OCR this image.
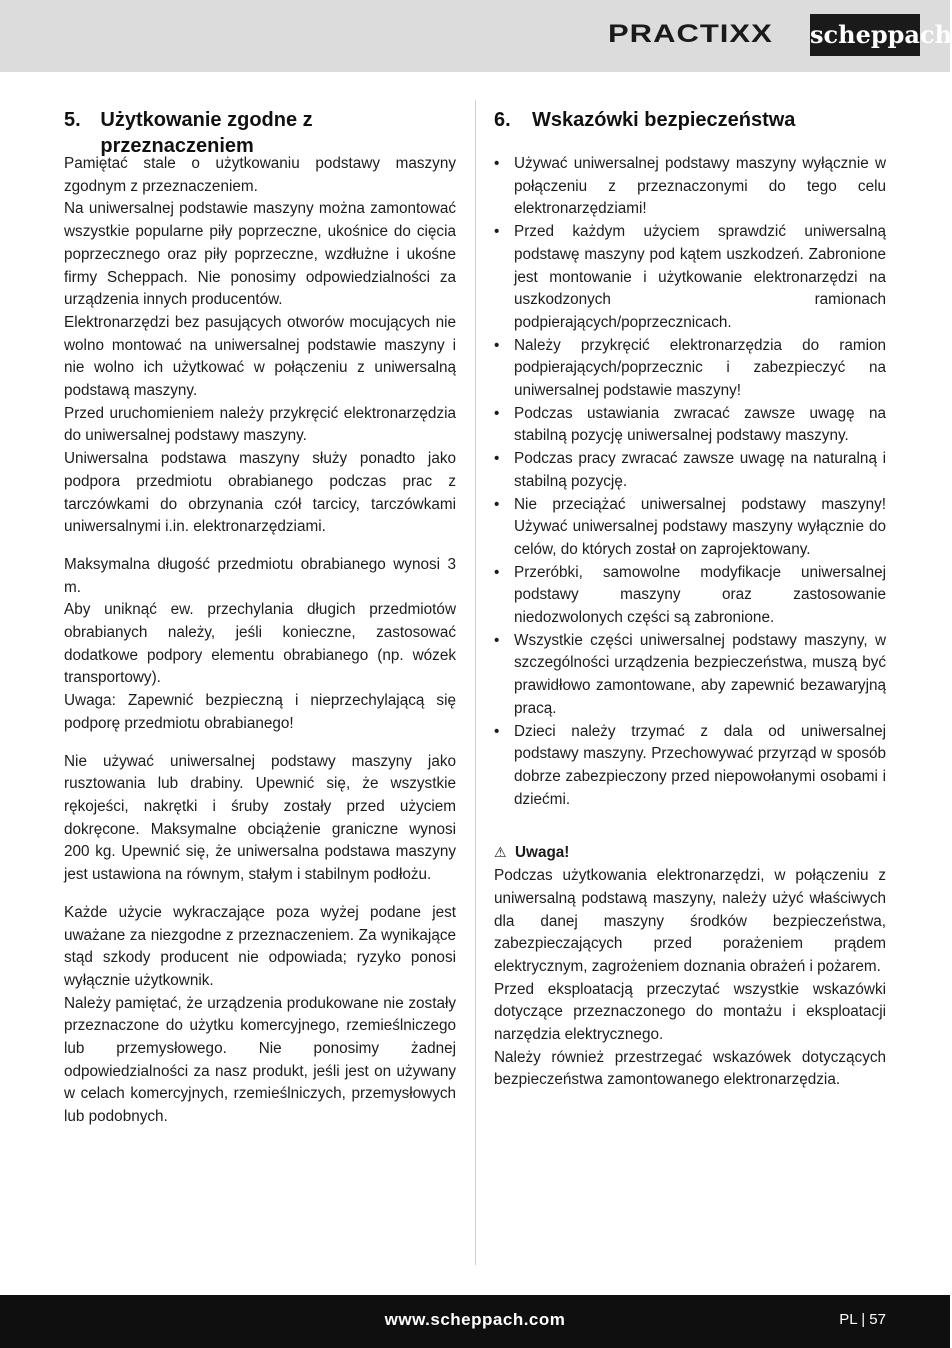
PRACTIXX	scheppach
5. Użytkowanie zgodne z przeznaczeniem

Pamiętać stale o użytkowaniu podstawy maszyny zgodnym z przeznaczeniem.

Na uniwersalnej podstawie maszyny można zamontować wszystkie popularne piły poprzeczne, ukośnice do cięcia poprzecznego oraz piły poprzeczne, wzdłużne i ukośne firmy Scheppach. Nie ponosimy odpowiedzialności za urządzenia innych producentów.

Elektronarzędzi bez pasujących otworów mocujących nie wolno montować na uniwersalnej podstawie maszyny i nie wolno ich użytkować w połączeniu z uniwersalną podstawą maszyny.

Przed uruchomieniem należy przykręcić elektronarzędzia do uniwersalnej podstawy maszyny.

Uniwersalna podstawa maszyny służy ponadto jako podpora przedmiotu obrabianego podczas prac z tarczówkami do obrzynania czół tarcicy, tarczówkami uniwersalnymi i.in. elektronarzędziami.

Maksymalna długość przedmiotu obrabianego wynosi 3 m.

Aby uniknąć ew. przechylania długich przedmiotów obrabianych należy, jeśli konieczne, zastosować dodatkowe podpory elementu obrabianego (np. wózek transportowy).

Uwaga: Zapewnić bezpieczną i nieprzechylającą się podporę przedmiotu obrabianego!

Nie używać uniwersalnej podstawy maszyny jako rusztowania lub drabiny. Upewnić się, że wszystkie rękojeści, nakrętki i śruby zostały przed użyciem dokręcone. Maksymalne obciążenie graniczne wynosi 200 kg. Upewnić się, że uniwersalna podstawa maszyny jest ustawiona na równym, stałym i stabilnym podłożu.

Każde użycie wykraczające poza wyżej podane jest uważane za niezgodne z przeznaczeniem. Za wynikające stąd szkody producent nie odpowiada; ryzyko ponosi wyłącznie użytkownik.

Należy pamiętać, że urządzenia produkowane nie zostały przeznaczone do użytku komercyjnego, rzemieślniczego lub przemysłowego. Nie ponosimy żadnej odpowiedzialności za nasz produkt, jeśli jest on używany w celach komercyjnych, rzemieślniczych, przemysłowych lub podobnych.

6.	Wskazówki bezpieczeństwa
• Używać uniwersalnej podstawy maszyny wyłącznie w połączeniu z przeznaczonymi do tego celu elektronarzędziami!
• Przed każdym użyciem sprawdzić uniwersalną podstawę maszyny pod kątem uszkodzeń. Zabronione jest montowanie i użytkowanie elektronarzędzi na uszkodzonych ramionach podpierających/poprzecznicach.
• Należy przykręcić elektronarzędzia do ramion podpierających/poprzecznic i zabezpieczyć na uniwersalnej podstawie maszyny!
• Podczas ustawiania zwracać zawsze uwagę na stabilną pozycję uniwersalnej podstawy maszyny.
• Podczas pracy zwracać zawsze uwagę na naturalną i stabilną pozycję.
• Nie przeciążać uniwersalnej podstawy maszyny! Używać uniwersalnej podstawy maszyny wyłącznie do celów, do których został on zaprojektowany.
• Przeróbki, samowolne modyfikacje uniwersalnej podstawy maszyny oraz zastosowanie niedozwolonych części są zabronione.
• Wszystkie części uniwersalnej podstawy maszyny, w szczególności urządzenia bezpieczeństwa, muszą być prawidłowo zamontowane, aby zapewnić bezawaryjną pracą.
• Dzieci należy trzymać z dala od uniwersalnej podstawy maszyny. Przechowywać przyrząd w sposób dobrze zabezpieczony przed niepowołanymi osobami i dziećmi.
⚠ Uwaga!

Podczas użytkowania elektronarzędzi, w połączeniu z uniwersalną podstawą maszyny, należy użyć właściwych dla danej maszyny środków bezpieczeństwa, zabezpieczających przed porażeniem prądem elektrycznym, zagrożeniem doznania obrażeń i pożarem.

Przed eksploatacją przeczytać wszystkie wskazówki dotyczące przeznaczonego do montażu i eksploatacji narzędzia elektrycznego.

Należy również przestrzegać wskazówek dotyczących bezpieczeństwa zamontowanego elektronarzędzia.

www.scheppach.com	PL | 57
